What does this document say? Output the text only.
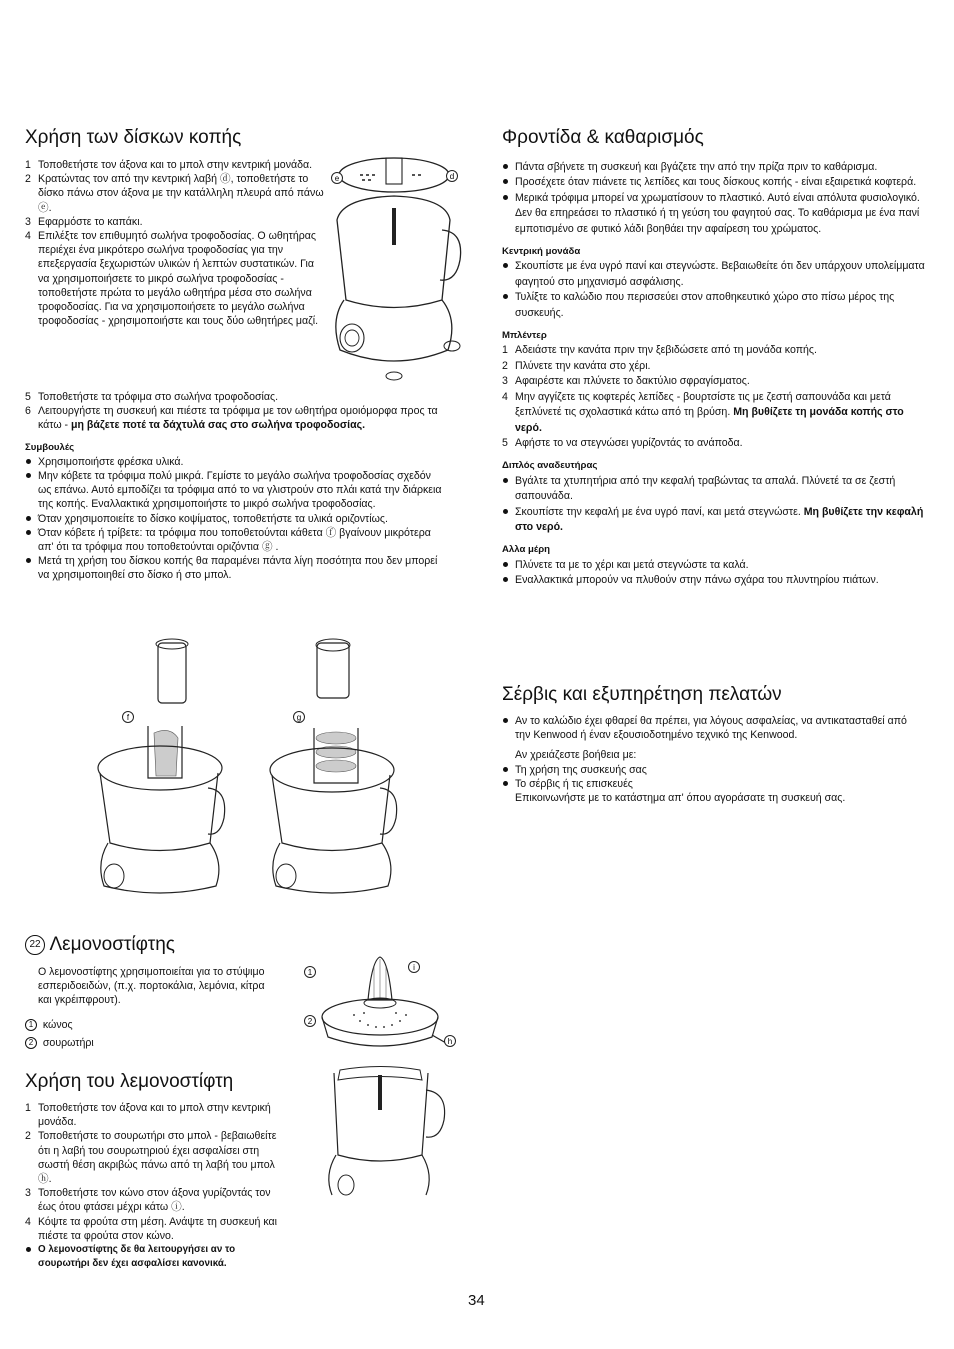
Χρήση των δίσκων κοπής
1 Τοποθετήστε τον άξονα και το μπολ στην κεντρική μονάδα.
2 Κρατώντας τον από την κεντρική λαβή ⓓ, τοποθετήστε το δίσκο πάνω στον άξονα με την κατάλληλη πλευρά από πάνω ⓔ.
3 Εφαρμόστε το καπάκι.
4 Επιλέξτε τον επιθυμητό σωλήνα τροφοδοσίας. Ο ωθητήρας περιέχει ένα μικρότερο σωλήνα τροφοδοσίας για την επεξεργασία ξεχωριστών υλικών ή λεπτών συστατικών. Για να χρησιμοποιήσετε το μικρό σωλήνα τροφοδοσίας - τοποθετήστε πρώτα το μεγάλο ωθητήρα μέσα στο σωλήνα τροφοδοσίας. Για να χρησιμοποιήσετε το μεγάλο σωλήνα τροφοδοσίας - χρησιμοποιήστε και τους δύο ωθητήρες μαζί.
5 Τοποθετήστε τα τρόφιμα στο σωλήνα τροφοδοσίας.
6 Λειτουργήστε τη συσκευή και πιέστε τα τρόφιμα με τον ωθητήρα ομοιόμορφα προς τα κάτω - μη βάζετε ποτέ τα δάχτυλά σας στο σωλήνα τροφοδοσίας.
Συμβουλές
Χρησιμοποιήστε φρέσκα υλικά.
Μην κόβετε τα τρόφιμα πολύ μικρά. Γεμίστε το μεγάλο σωλήνα τροφοδοσίας σχεδόν ως επάνω. Αυτό εμποδίζει τα τρόφιμα από το να γλιστρούν στο πλάι κατά την διάρκεια της κοπής. Εναλλακτικά χρησιμοποιήστε το μικρό σωλήνα τροφοδοσίας.
Όταν χρησιμοποιείτε το δίσκο κοψίματος, τοποθετήστε τα υλικά οριζοντίως.
Όταν κόβετε ή τρίβετε: τα τρόφιμα που τοποθετούνται κάθετα ⓕ βγαίνουν μικρότερα απ' ότι τα τρόφιμα που τοποθετούνται οριζόντια ⓖ .
Μετά τη χρήση του δίσκου κοπής θα παραμένει πάντα λίγη ποσότητα που δεν μπορεί να χρησιμοποιηθεί στο δίσκο ή στο μπολ.
e	d
f	g
22 Λεμονοστίφτης
Ο λεμονοστίφτης χρησιμοποιείται για το στύψιμο εσπεριδοειδών, (π.χ. πορτοκάλια, λεμόνια, κίτρα και γκρέιπφρουτ).
1 κώνος
2 σουρωτήρι
Χρήση του λεμονοστίφτη
1 Τοποθετήστε τον άξονα και το μπολ στην κεντρική μονάδα.
2 Τοποθετήστε το σουρωτήρι στο μπολ - βεβαιωθείτε ότι η λαβή του σουρωτηριού έχει ασφαλίσει στη σωστή θέση ακριβώς πάνω από τη λαβή του μπολ ⓗ.
3 Τοποθετήστε τον κώνο στον άξονα γυρίζοντάς τον έως ότου φτάσει μέχρι κάτω ⓘ.
4 Κόψτε τα φρούτα στη μέση. Ανάψτε τη συσκευή και πιέστε τα φρούτα στον κώνο.
Ο λεμονοστίφτης δε θα λειτουργήσει αν το σουρωτήρι δεν έχει ασφαλίσει κανονικά.
1
2
i
h
Φροντίδα & καθαρισμός
Πάντα σβήνετε τη συσκευή και βγάζετε την από την πρίζα πριν το καθάρισμα.
Προσέχετε όταν πιάνετε τις λεπίδες και τους δίσκους κοπής - είναι εξαιρετικά κοφτερά.
Μερικά τρόφιμα μπορεί να χρωματίσουν το πλαστικό. Αυτό είναι απόλυτα φυσιολογικό. Δεν θα επηρεάσει το πλαστικό ή τη γεύση του φαγητού σας. Το καθάρισμα με ένα πανί εμποτισμένο σε φυτικό λάδι βοηθάει την αφαίρεση του χρώματος.
Κεντρική μονάδα
Σκουπίστε με ένα υγρό πανί και στεγνώστε. Βεβαιωθείτε ότι δεν υπάρχουν υπολείμματα φαγητού στο μηχανισμό ασφάλισης.
Τυλίξτε το καλώδιο που περισσεύει στον αποθηκευτικό χώρο στο πίσω μέρος της συσκευής.
Μπλέντερ
1 Αδειάστε την κανάτα πριν την ξεβιδώσετε από τη μονάδα κοπής.
2 Πλύνετε την κανάτα στο χέρι.
3 Αφαιρέστε και πλύνετε το δακτύλιο σφραγίσματος.
4 Μην αγγίζετε τις κοφτερές λεπίδες - βουρτσίστε τις με ζεστή σαπουνάδα και μετά ξεπλύνετέ τις σχολαστικά κάτω από τη βρύση. Μη βυθίζετε τη μονάδα κοπής στο νερό.
5 Αφήστε το να στεγνώσει γυρίζοντάς το ανάποδα.
Διπλός αναδευτήρας
Βγάλτε τα χτυπητήρια από την κεφαλή τραβώντας τα απαλά. Πλύνετέ τα σε ζεστή σαπουνάδα.
Σκουπίστε την κεφαλή με ένα υγρό πανί, και μετά στεγνώστε. Μη βυθίζετε την κεφαλή στο νερό.
Αλλα μέρη
Πλύνετε τα με το χέρι και μετά στεγνώστε τα καλά.
Εναλλακτικά μπορούν να πλυθούν στην πάνω σχάρα του πλυντηρίου πιάτων.
Σέρβις και εξυπηρέτηση πελατών
Αν το καλώδιο έχει φθαρεί θα πρέπει, για λόγους ασφαλείας, να αντικατασταθεί από την Kenwood ή έναν εξουσιοδοτημένο τεχνικό της Kenwood.
Αν χρειάζεστε βοήθεια με:
Τη χρήση της συσκευής σας
Το σέρβις ή τις επισκευές
Επικοινωνήστε με το κατάστημα απ' όπου αγοράσατε τη συσκευή σας.
34
